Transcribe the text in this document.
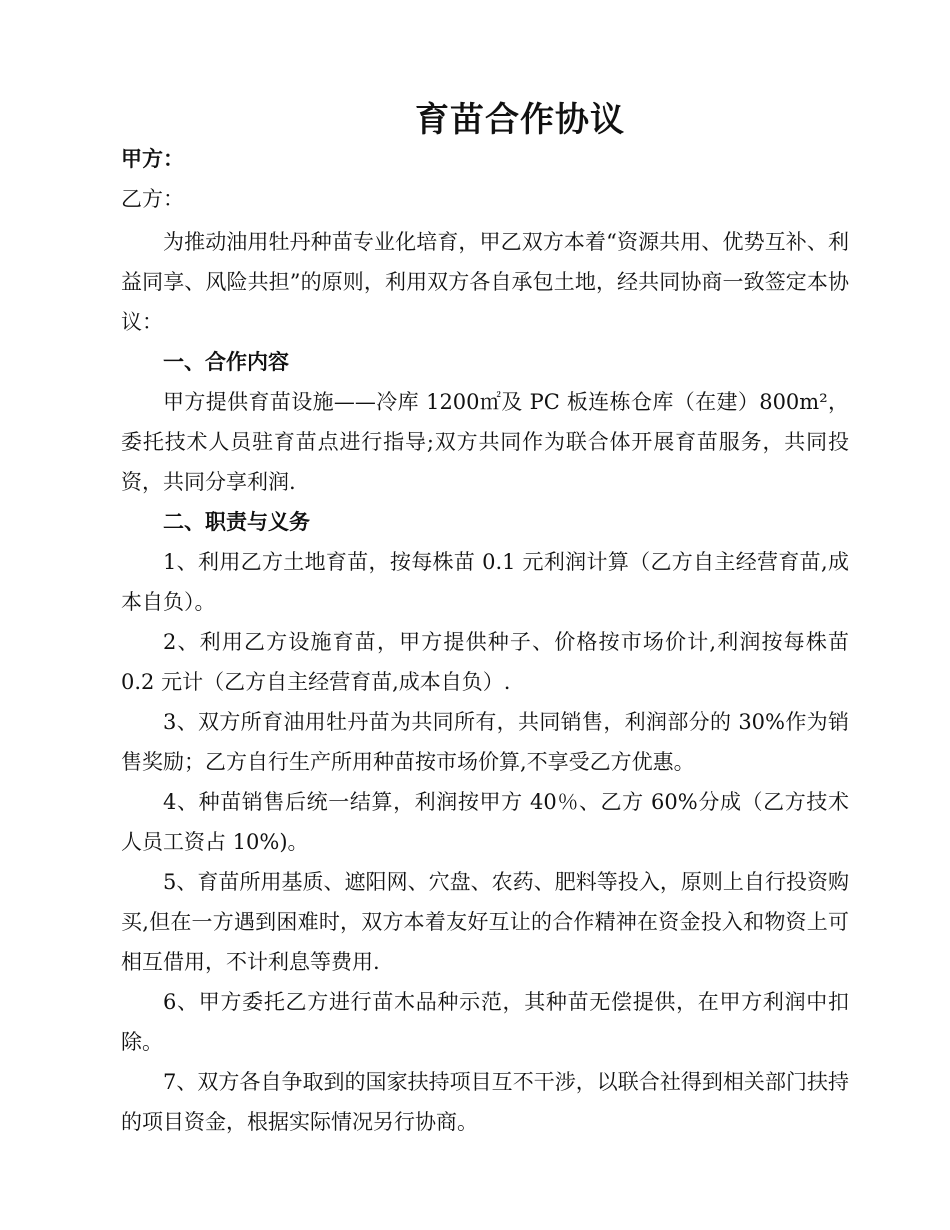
育苗合作协议
甲方：
乙方：

为推动油用牡丹种苗专业化培育，甲乙双方本着“资源共用、优势互补、利益同享、风险共担”的原则，利用双方各自承包土地，经共同协商一致签定本协议：

一、合作内容

甲方提供育苗设施——冷库 1200㎡及 PC 板连栋仓库（在建）800m²，委托技术人员驻育苗点进行指导;双方共同作为联合体开展育苗服务，共同投资，共同分享利润.

二、职责与义务

1、利用乙方土地育苗，按每株苗 0.1 元利润计算（乙方自主经营育苗,成本自负）。

2、利用乙方设施育苗，甲方提供种子、价格按市场价计,利润按每株苗 0.2 元计（乙方自主经营育苗,成本自负）.

3、双方所育油用牡丹苗为共同所有，共同销售，利润部分的 30%作为销售奖励；乙方自行生产所用种苗按市场价算,不享受乙方优惠。

4、种苗销售后统一结算，利润按甲方 40％、乙方 60%分成（乙方技术人员工资占 10%)。

5、育苗所用基质、遮阳网、穴盘、农药、肥料等投入，原则上自行投资购买,但在一方遇到困难时，双方本着友好互让的合作精神在资金投入和物资上可相互借用，不计利息等费用.

6、甲方委托乙方进行苗木品种示范，其种苗无偿提供，在甲方利润中扣除。

7、双方各自争取到的国家扶持项目互不干涉，以联合社得到相关部门扶持的项目资金，根据实际情况另行协商。
